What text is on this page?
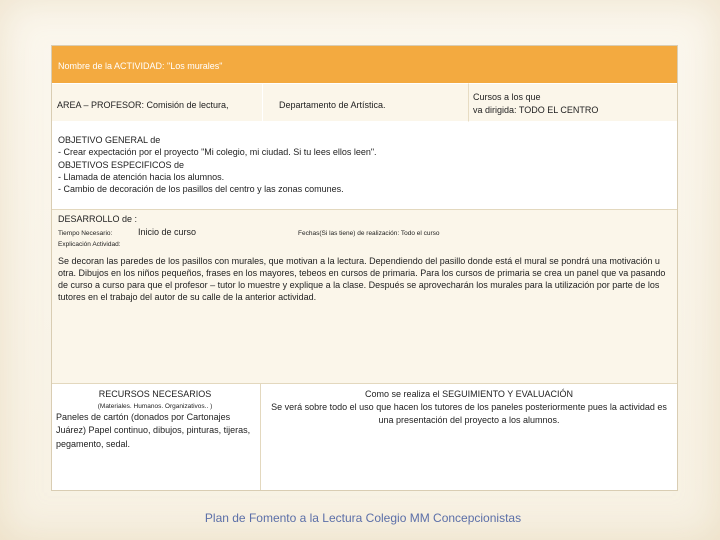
Nombre de la ACTIVIDAD: "Los murales"
AREA – PROFESOR: Comisión de lectura,	Departamento de Artística.
Cursos a los que
va dirigida: TODO EL CENTRO
OBJETIVO GENERAL de
- Crear expectación por el proyecto "Mi colegio, mi ciudad. Si tu lees ellos leen".
OBJETIVOS ESPECIFICOS de
- Llamada de atención hacia los alumnos.
- Cambio de decoración de los pasillos del centro y las zonas comunes.
DESARROLLO de :
Tiempo Necesario:	Inicio de curso	Fechas(Si las tiene) de realización: Todo el curso
Explicación Actividad:
Se decoran las paredes de los pasillos con murales, que motivan a la lectura. Dependiendo del pasillo donde está el mural se pondrá una motivación u otra. Dibujos en los niños pequeños, frases en los mayores, tebeos en cursos de primaria. Para los cursos de primaria se crea un panel que va pasando de curso a curso para que el profesor – tutor lo muestre y explique a la clase. Después se aprovecharán los murales para la utilización por parte de los tutores en el trabajo del autor de su calle de la anterior actividad.
RECURSOS NECESARIOS
(Materiales. Humanos. Organizativos.. )
Paneles de cartón (donados por Cartonajes Juárez) Papel continuo, dibujos, pinturas, tijeras, pegamento, sedal.
Como se realiza el SEGUIMIENTO Y EVALUACIÓN
Se verá sobre todo el uso que hacen los tutores de los paneles posteriormente pues la actividad es una presentación del proyecto a los alumnos.
Plan de Fomento a la Lectura Colegio MM Concepcionistas
